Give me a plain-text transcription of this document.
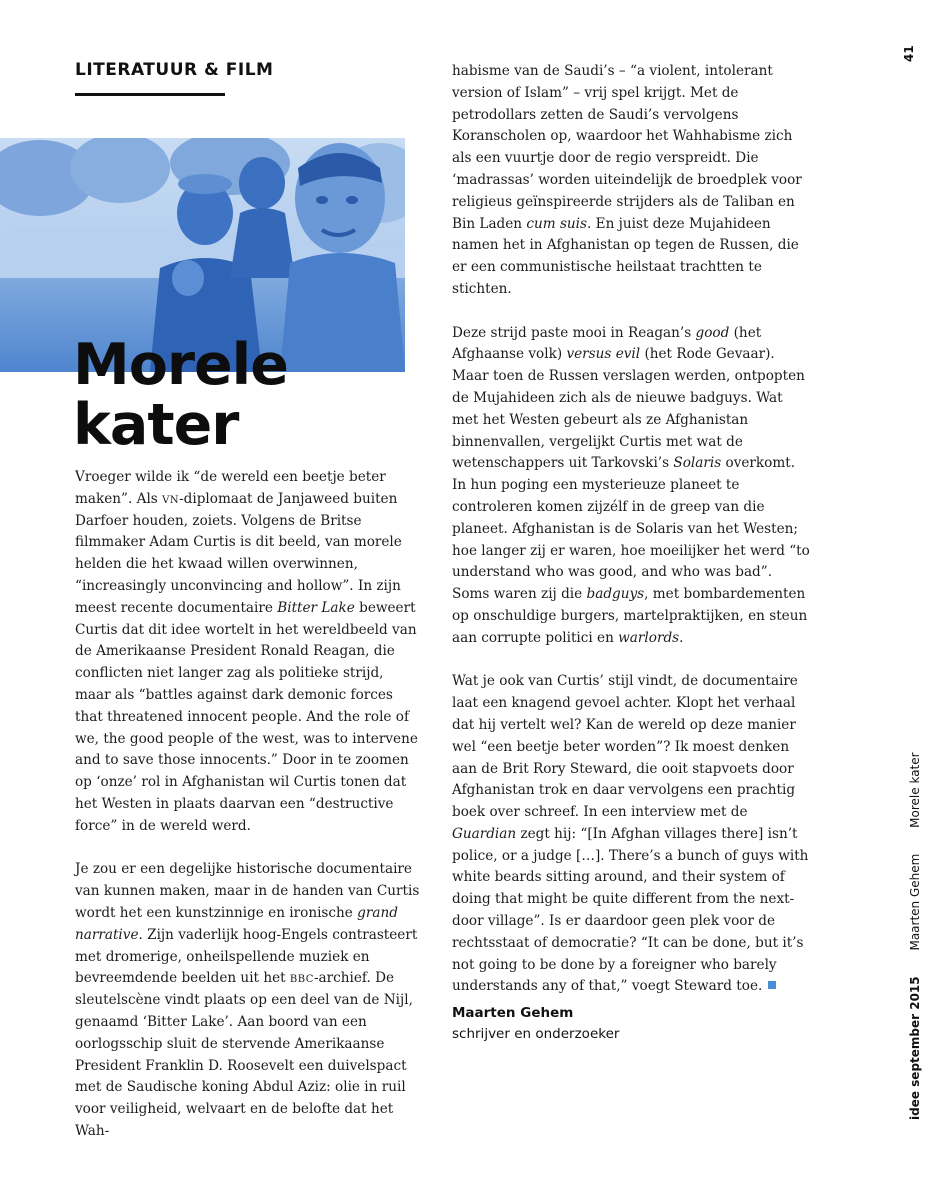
LITERATUUR & FILM
Morele
kater

Vroeger wilde ik “de wereld een beetje beter maken”. Als vn-diplomaat de Janjaweed buiten Darfoer houden, zoiets. Volgens de Britse filmmaker Adam Curtis is dit beeld, van morele helden die het kwaad willen overwinnen, “increasingly unconvincing and hollow”. In zijn meest recente documentaire Bitter Lake beweert Curtis dat dit idee wortelt in het wereldbeeld van de Amerikaanse President Ronald Reagan, die conflicten niet langer zag als politieke strijd, maar als “battles against dark demonic forces that threatened innocent people. And the role of we, the good people of the west, was to intervene and to save those innocents.” Door in te zoomen op ‘onze’ rol in Afghanistan wil Curtis tonen dat het Westen in plaats daarvan een “destructive force” in de wereld werd.

Je zou er een degelijke historische documentaire van kunnen maken, maar in de handen van Curtis wordt het een kunstzinnige en ironische grand narrative. Zijn vaderlijk hoog-Engels contrasteert met dromerige, onheilspellende muziek en bevreemdende beelden uit het bbc-archief. De sleutelscène vindt plaats op een deel van de Nijl, genaamd ‘Bitter Lake’. Aan boord van een oorlogsschip sluit de stervende Amerikaanse President Franklin D. Roosevelt een duivelspact met de Saudische koning Abdul Aziz: olie in ruil voor veiligheid, welvaart en de belofte dat het Wah-

habisme van de Saudi’s – “a violent, intolerant version of Islam” – vrij spel krijgt. Met de petrodollars zetten de Saudi’s vervolgens Koranscholen op, waardoor het Wahhabisme zich als een vuurtje door de regio verspreidt. Die ‘madrassas’ worden uiteindelijk de broedplek voor religieus geïnspireerde strijders als de Taliban en Bin Laden cum suis. En juist deze Mujahideen namen het in Afghanistan op tegen de Russen, die er een communistische heilstaat trachtten te stichten.

Deze strijd paste mooi in Reagan’s good (het Afghaanse volk) versus evil (het Rode Gevaar). Maar toen de Russen verslagen werden, ontpopten de Mujahideen zich als de nieuwe badguys. Wat met het Westen gebeurt als ze Afghanistan binnenvallen, vergelijkt Curtis met wat de wetenschappers uit Tarkovski’s Solaris overkomt. In hun poging een mysterieuze planeet te controleren komen zijzélf in de greep van die planeet. Afghanistan is de Solaris van het Westen; hoe langer zij er waren, hoe moeilijker het werd “to understand who was good, and who was bad”. Soms waren zij die badguys, met bombardementen op onschuldige burgers, martelpraktijken, en steun aan corrupte politici en warlords.

Wat je ook van Curtis’ stijl vindt, de documentaire laat een knagend gevoel achter. Klopt het verhaal dat hij vertelt wel? Kan de wereld op deze manier wel “een beetje beter worden”? Ik moest denken aan de Brit Rory Steward, die ooit stapvoets door Afghanistan trok en daar vervolgens een prachtig boek over schreef. In een interview met de Guardian zegt hij: “[In Afghan villages there] isn’t police, or a judge […]. There’s a bunch of guys with white beards sitting around, and their system of doing that might be quite different from the next-door village”. Is er daardoor geen plek voor de rechtsstaat of democratie? “It can be done, but it’s not going to be done by a foreigner who barely understands any of that,” voegt Steward toe.

Maarten Gehem
schrijver en onderzoeker
41
idee september 2015 Maarten Gehem Morele kater
